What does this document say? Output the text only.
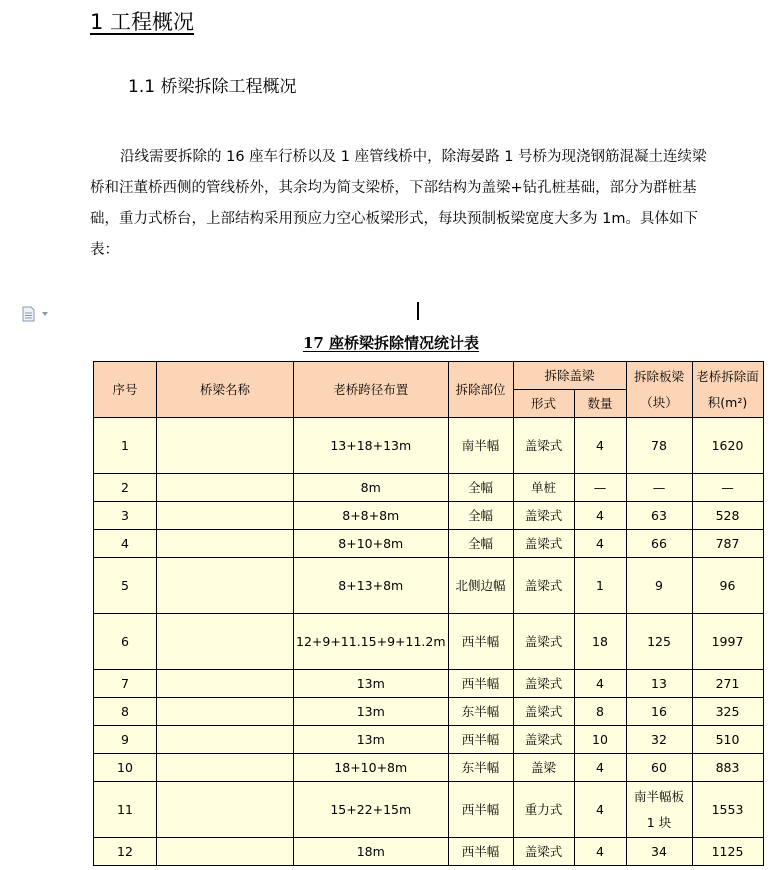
1 工程概况
1.1 桥梁拆除工程概况

沿线需要拆除的 16 座车行桥以及 1 座管线桥中，除海晏路 1 号桥为现浇钢筋混凝土连续梁桥和汪董桥西侧的管线桥外，其余均为简支梁桥，下部结构为盖梁+钻孔桩基础，部分为群桩基础，重力式桥台，上部结构采用预应力空心板梁形式，每块预制板梁宽度大多为 1m。具体如下表：

17 座桥梁拆除情况统计表

序号	桥梁名称	老桥跨径布置	拆除部位	拆除盖梁		拆除板梁（块）	老桥拆除面积(m²)
				形式	数量		
1		13+18+13m	南半幅	盖梁式	4	78	1620
2		8m	全幅	单桩	—	—	—
3		8+8+8m	全幅	盖梁式	4	63	528
4		8+10+8m	全幅	盖梁式	4	66	787
5		8+13+8m	北侧边幅	盖梁式	1	9	96
6		12+9+11.15+9+11.2m	西半幅	盖梁式	18	125	1997
7		13m	西半幅	盖梁式	4	13	271
8		13m	东半幅	盖梁式	8	16	325
9		13m	西半幅	盖梁式	10	32	510
10		18+10+8m	东半幅	盖梁	4	60	883
11		15+22+15m	西半幅	重力式	4	南半幅板 1 块	1553
12		18m	西半幅	盖梁式	4	34	1125
